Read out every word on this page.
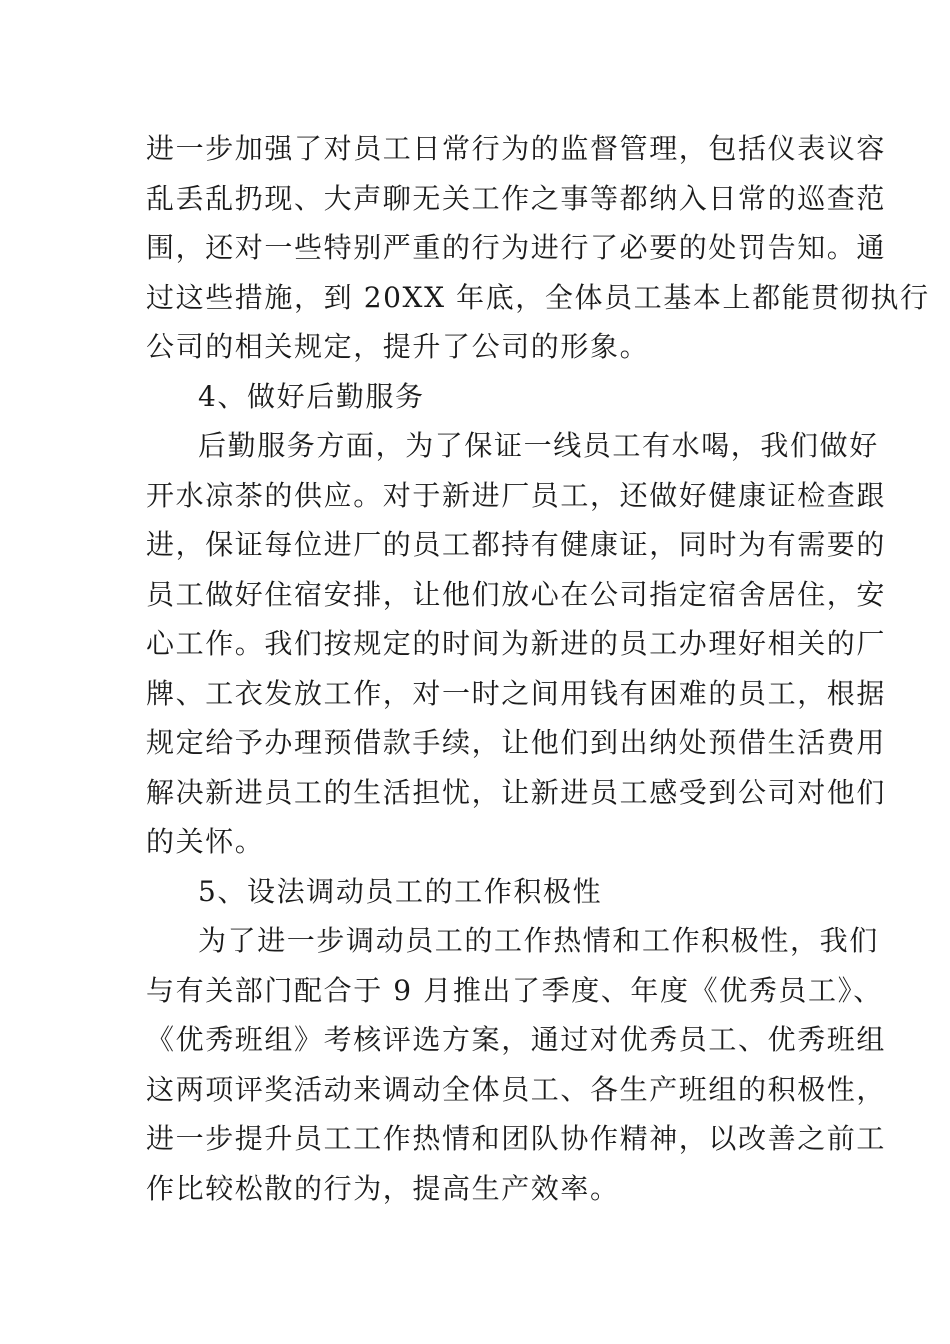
进一步加强了对员工日常行为的监督管理，包括仪表议容
乱丢乱扔现、大声聊无关工作之事等都纳入日常的巡查范
围，还对一些特别严重的行为进行了必要的处罚告知。通
过这些措施，到 20XX 年底，全体员工基本上都能贯彻执行
公司的相关规定，提升了公司的形象。
4、做好后勤服务
后勤服务方面，为了保证一线员工有水喝，我们做好
开水凉茶的供应。对于新进厂员工，还做好健康证检查跟
进，保证每位进厂的员工都持有健康证，同时为有需要的
员工做好住宿安排，让他们放心在公司指定宿舍居住，安
心工作。我们按规定的时间为新进的员工办理好相关的厂
牌、工衣发放工作，对一时之间用钱有困难的员工，根据
规定给予办理预借款手续，让他们到出纳处预借生活费用
解决新进员工的生活担忧，让新进员工感受到公司对他们
的关怀。
5、设法调动员工的工作积极性
为了进一步调动员工的工作热情和工作积极性，我们
与有关部门配合于 9 月推出了季度、年度《优秀员工》、
《优秀班组》考核评选方案，通过对优秀员工、优秀班组
这两项评奖活动来调动全体员工、各生产班组的积极性，
进一步提升员工工作热情和团队协作精神，以改善之前工
作比较松散的行为，提高生产效率。
